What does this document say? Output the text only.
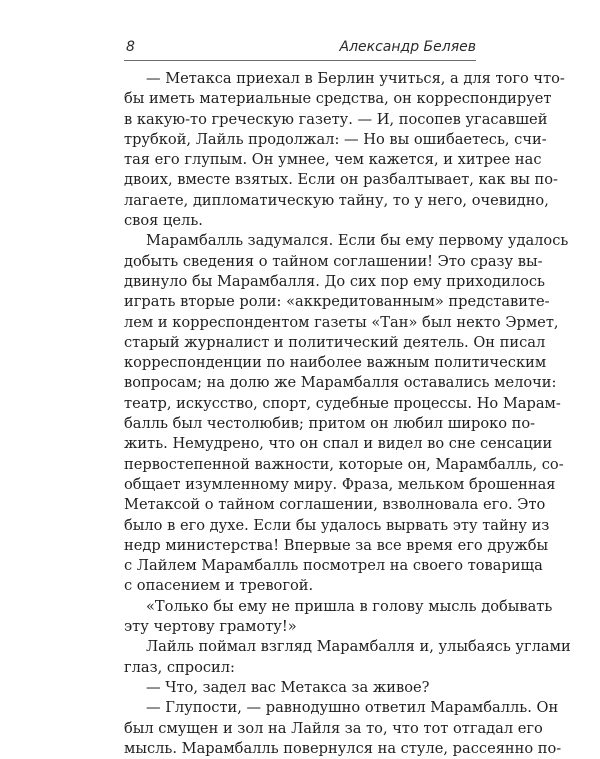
8	Александр Беляев
— Метакса приехал в Берлин учиться, а для того что-
бы иметь материальные средства, он корреспондирует
в какую-то греческую газету. — И, посопев угасавшей
трубкой, Лайль продолжал: — Но вы ошибаетесь, счи-
тая его глупым. Он умнее, чем кажется, и хитрее нас
двоих, вместе взятых. Если он разбалтывает, как вы по-
лагаете, дипломатическую тайну, то у него, очевидно,
своя цель.
Марамбалль задумался. Если бы ему первому удалось
добыть сведения о тайном соглашении! Это сразу вы-
двинуло бы Марамбалля. До сих пор ему приходилось
играть вторые роли: «аккредитованным» представите-
лем и корреспондентом газеты «Тан» был некто Эрмет,
старый журналист и политический деятель. Он писал
корреспонденции по наиболее важным политическим
вопросам; на долю же Марамбалля оставались мелочи:
театр, искусство, спорт, судебные процессы. Но Марам-
балль был честолюбив; притом он любил широко по-
жить. Немудрено, что он спал и видел во сне сенсации
первостепенной важности, которые он, Марамбалль, со-
общает изумленному миру. Фраза, мельком брошенная
Метаксой о тайном соглашении, взволновала его. Это
было в его духе. Если бы удалось вырвать эту тайну из
недр министерства! Впервые за все время его дружбы
с Лайлем Марамбалль посмотрел на своего товарища
с опасением и тревогой.
«Только бы ему не пришла в голову мысль добывать
эту чертову грамоту!»
Лайль поймал взгляд Марамбалля и, улыбаясь углами
глаз, спросил:
— Что, задел вас Метакса за живое?
— Глупости, — равнодушно ответил Марамбалль. Он
был смущен и зол на Лайля за то, что тот отгадал его
мысль. Марамбалль повернулся на стуле, рассеянно по-
